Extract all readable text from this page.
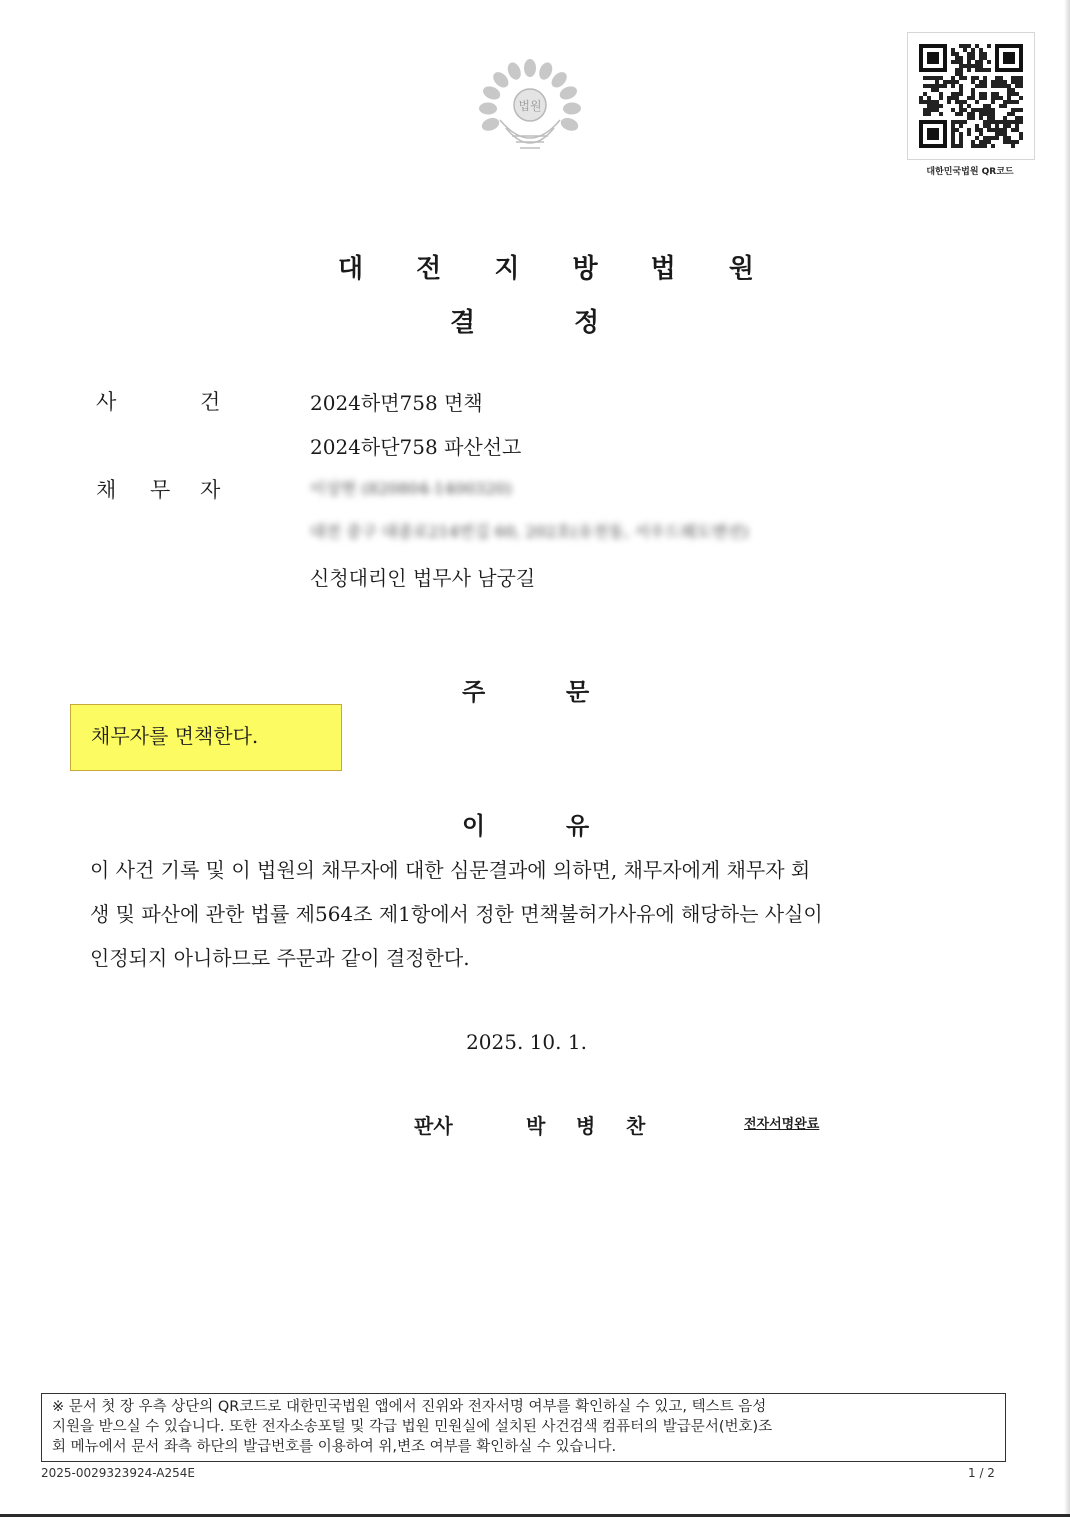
법원
대한민국법원 QR코드
대 전 지 방 법 원
결	정
사	건	2024하면758 면책
2024하단758 파산선고
채 무 자	이상현 (820804-1400320)
대전 중구 대종로214번길 60, 202호(유천동, 서우드웨도맨션)
신청대리인 법무사 남궁길
주	문
채무자를 면책한다.
이	유
이 사건 기록 및 이 법원의 채무자에 대한 심문결과에 의하면, 채무자에게 채무자 회
생 및 파산에 관한 법률 제564조 제1항에서 정한 면책불허가사유에 해당하는 사실이
인정되지 아니하므로 주문과 같이 결정한다.
2025. 10. 1.
판사	박 병 찬	전자서명완료
※ 문서 첫 장 우측 상단의 QR코드로 대한민국법원 앱에서 진위와 전자서명 여부를 확인하실 수 있고, 텍스트 음성
지원을 받으실 수 있습니다. 또한 전자소송포털 및 각급 법원 민원실에 설치된 사건검색 컴퓨터의 발급문서(번호)조
회 메뉴에서 문서 좌측 하단의 발급번호를 이용하여 위,변조 여부를 확인하실 수 있습니다.
2025-0029323924-A254E	1 / 2
